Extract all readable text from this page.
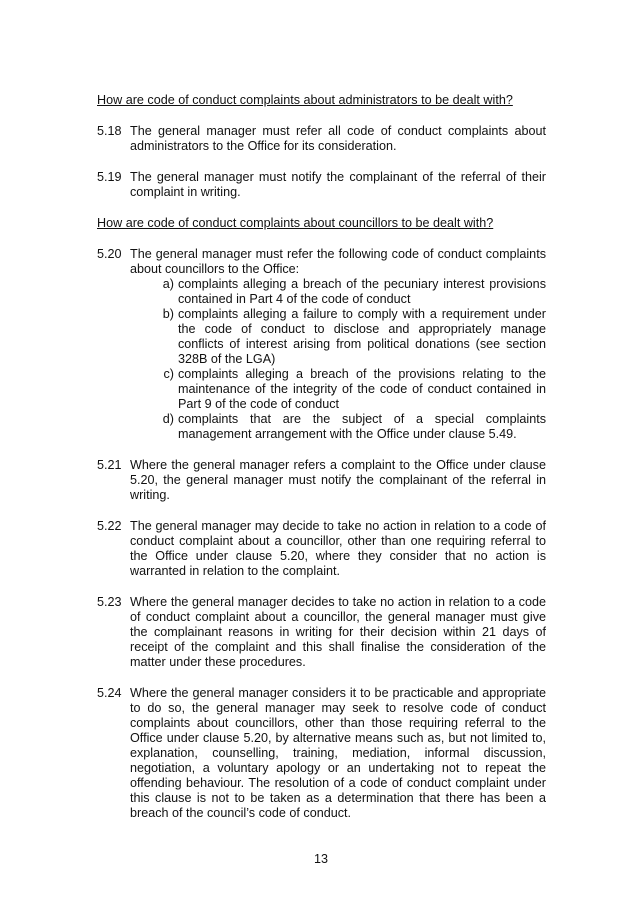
How are code of conduct complaints about administrators to be dealt with?

5.18 The general manager must refer all code of conduct complaints about administrators to the Office for its consideration.
5.19 The general manager must notify the complainant of the referral of their complaint in writing.

How are code of conduct complaints about councillors to be dealt with?

5.20 The general manager must refer the following code of conduct complaints about councillors to the Office:
a) complaints alleging a breach of the pecuniary interest provisions contained in Part 4 of the code of conduct
b) complaints alleging a failure to comply with a requirement under the code of conduct to disclose and appropriately manage conflicts of interest arising from political donations (see section 328B of the LGA)
c) complaints alleging a breach of the provisions relating to the maintenance of the integrity of the code of conduct contained in Part 9 of the code of conduct
d) complaints that are the subject of a special complaints management arrangement with the Office under clause 5.49.
5.21 Where the general manager refers a complaint to the Office under clause 5.20, the general manager must notify the complainant of the referral in writing.
5.22 The general manager may decide to take no action in relation to a code of conduct complaint about a councillor, other than one requiring referral to the Office under clause 5.20, where they consider that no action is warranted in relation to the complaint.
5.23 Where the general manager decides to take no action in relation to a code of conduct complaint about a councillor, the general manager must give the complainant reasons in writing for their decision within 21 days of receipt of the complaint and this shall finalise the consideration of the matter under these procedures.
5.24 Where the general manager considers it to be practicable and appropriate to do so, the general manager may seek to resolve code of conduct complaints about councillors, other than those requiring referral to the Office under clause 5.20, by alternative means such as, but not limited to, explanation, counselling, training, mediation, informal discussion, negotiation, a voluntary apology or an undertaking not to repeat the offending behaviour. The resolution of a code of conduct complaint under this clause is not to be taken as a determination that there has been a breach of the council’s code of conduct.
13
